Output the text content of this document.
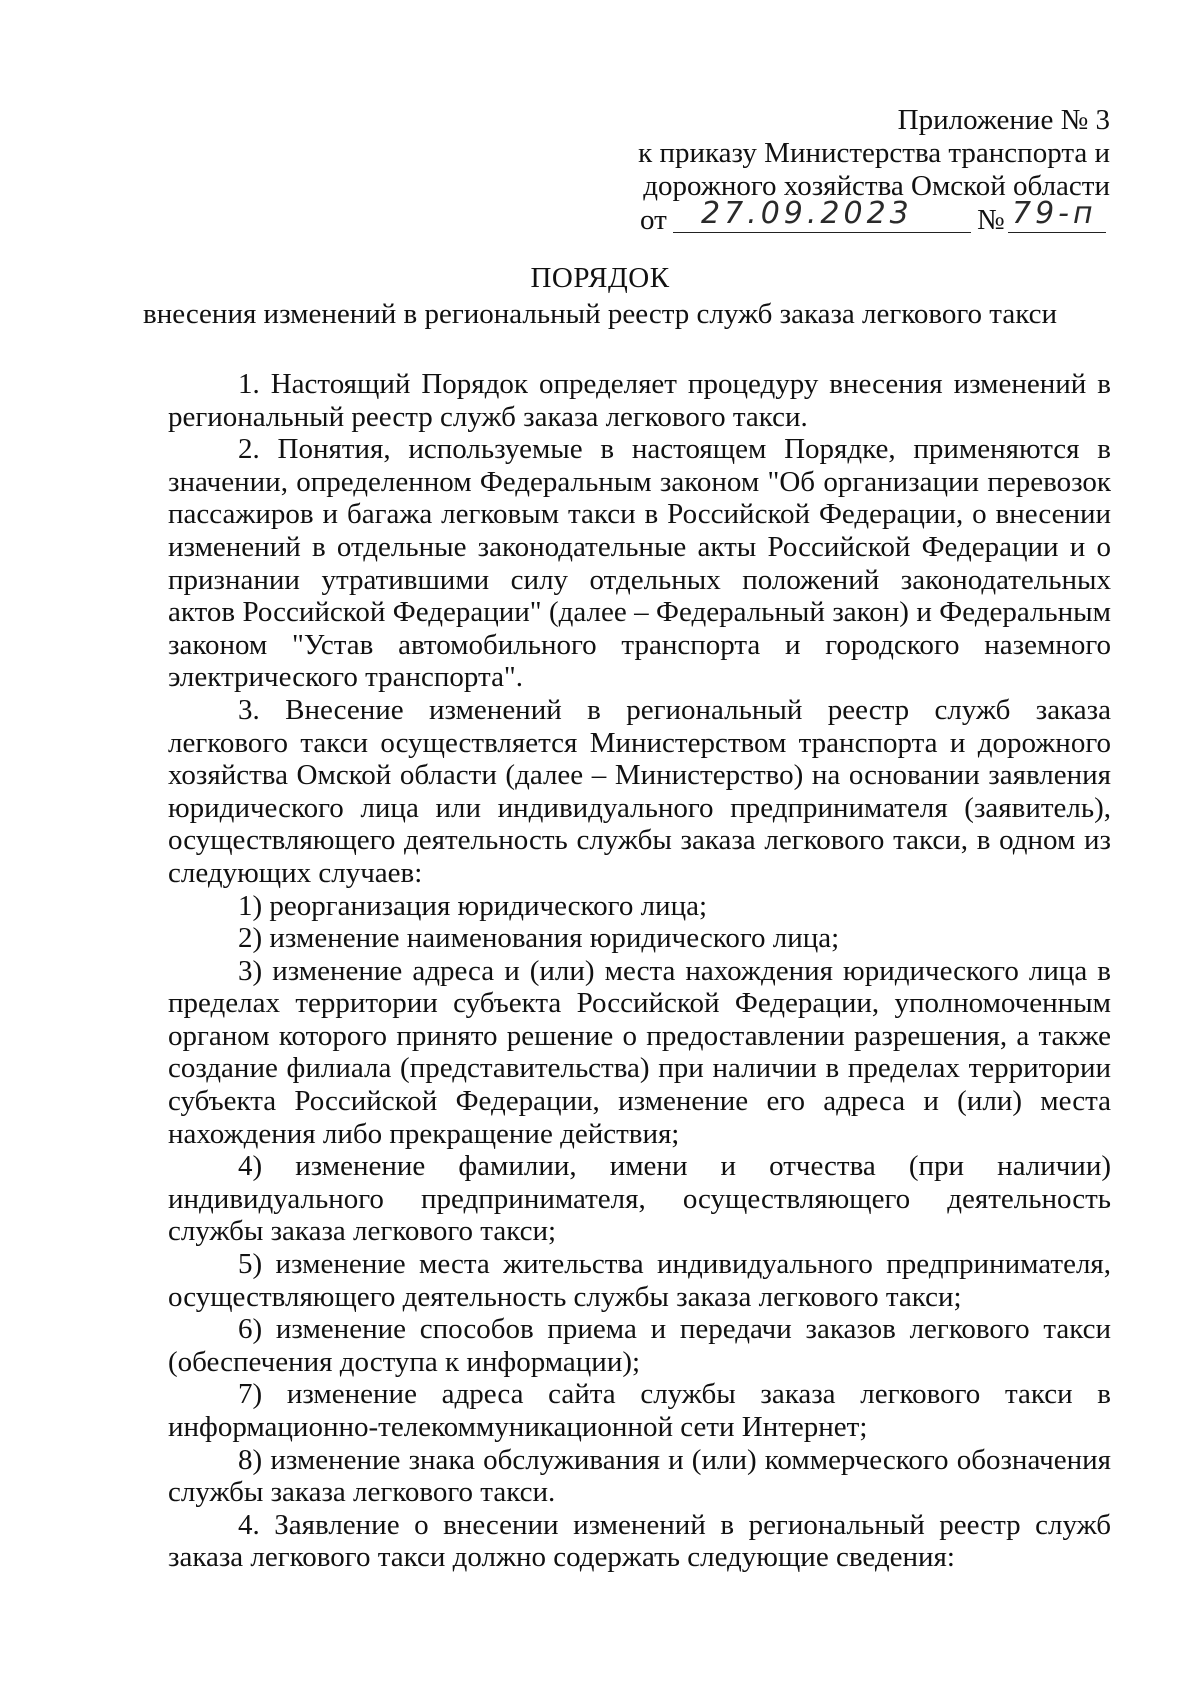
Приложение № 3
к приказу Министерства транспорта и
дорожного хозяйства Омской области
от 27.09.2023 № 79-п
ПОРЯДОК
внесения изменений в региональный реестр служб заказа легкового такси

1. Настоящий Порядок определяет процедуру внесения изменений в региональный реестр служб заказа легкового такси.

2. Понятия, используемые в настоящем Порядке, применяются в значении, определенном Федеральным законом "Об организации перевозок пассажиров и багажа легковым такси в Российской Федерации, о внесении изменений в отдельные законодательные акты Российской Федерации и о признании утратившими силу отдельных положений законодательных актов Российской Федерации" (далее – Федеральный закон) и Федеральным законом "Устав автомобильного транспорта и городского наземного электрического транспорта".

3. Внесение изменений в региональный реестр служб заказа легкового такси осуществляется Министерством транспорта и дорожного хозяйства Омской области (далее – Министерство) на основании заявления юридического лица или индивидуального предпринимателя (заявитель), осуществляющего деятельность службы заказа легкового такси, в одном из следующих случаев:

1) реорганизация юридического лица;

2) изменение наименования юридического лица;

3) изменение адреса и (или) места нахождения юридического лица в пределах территории субъекта Российской Федерации, уполномоченным органом которого принято решение о предоставлении разрешения, а также создание филиала (представительства) при наличии в пределах территории субъекта Российской Федерации, изменение его адреса и (или) места нахождения либо прекращение действия;

4) изменение фамилии, имени и отчества (при наличии) индивидуального предпринимателя, осуществляющего деятельность службы заказа легкового такси;

5) изменение места жительства индивидуального предпринимателя, осуществляющего деятельность службы заказа легкового такси;

6) изменение способов приема и передачи заказов легкового такси (обеспечения доступа к информации);

7) изменение адреса сайта службы заказа легкового такси в информационно-телекоммуникационной сети Интернет;

8) изменение знака обслуживания и (или) коммерческого обозначения службы заказа легкового такси.

4. Заявление о внесении изменений в региональный реестр служб заказа легкового такси должно содержать следующие сведения:
